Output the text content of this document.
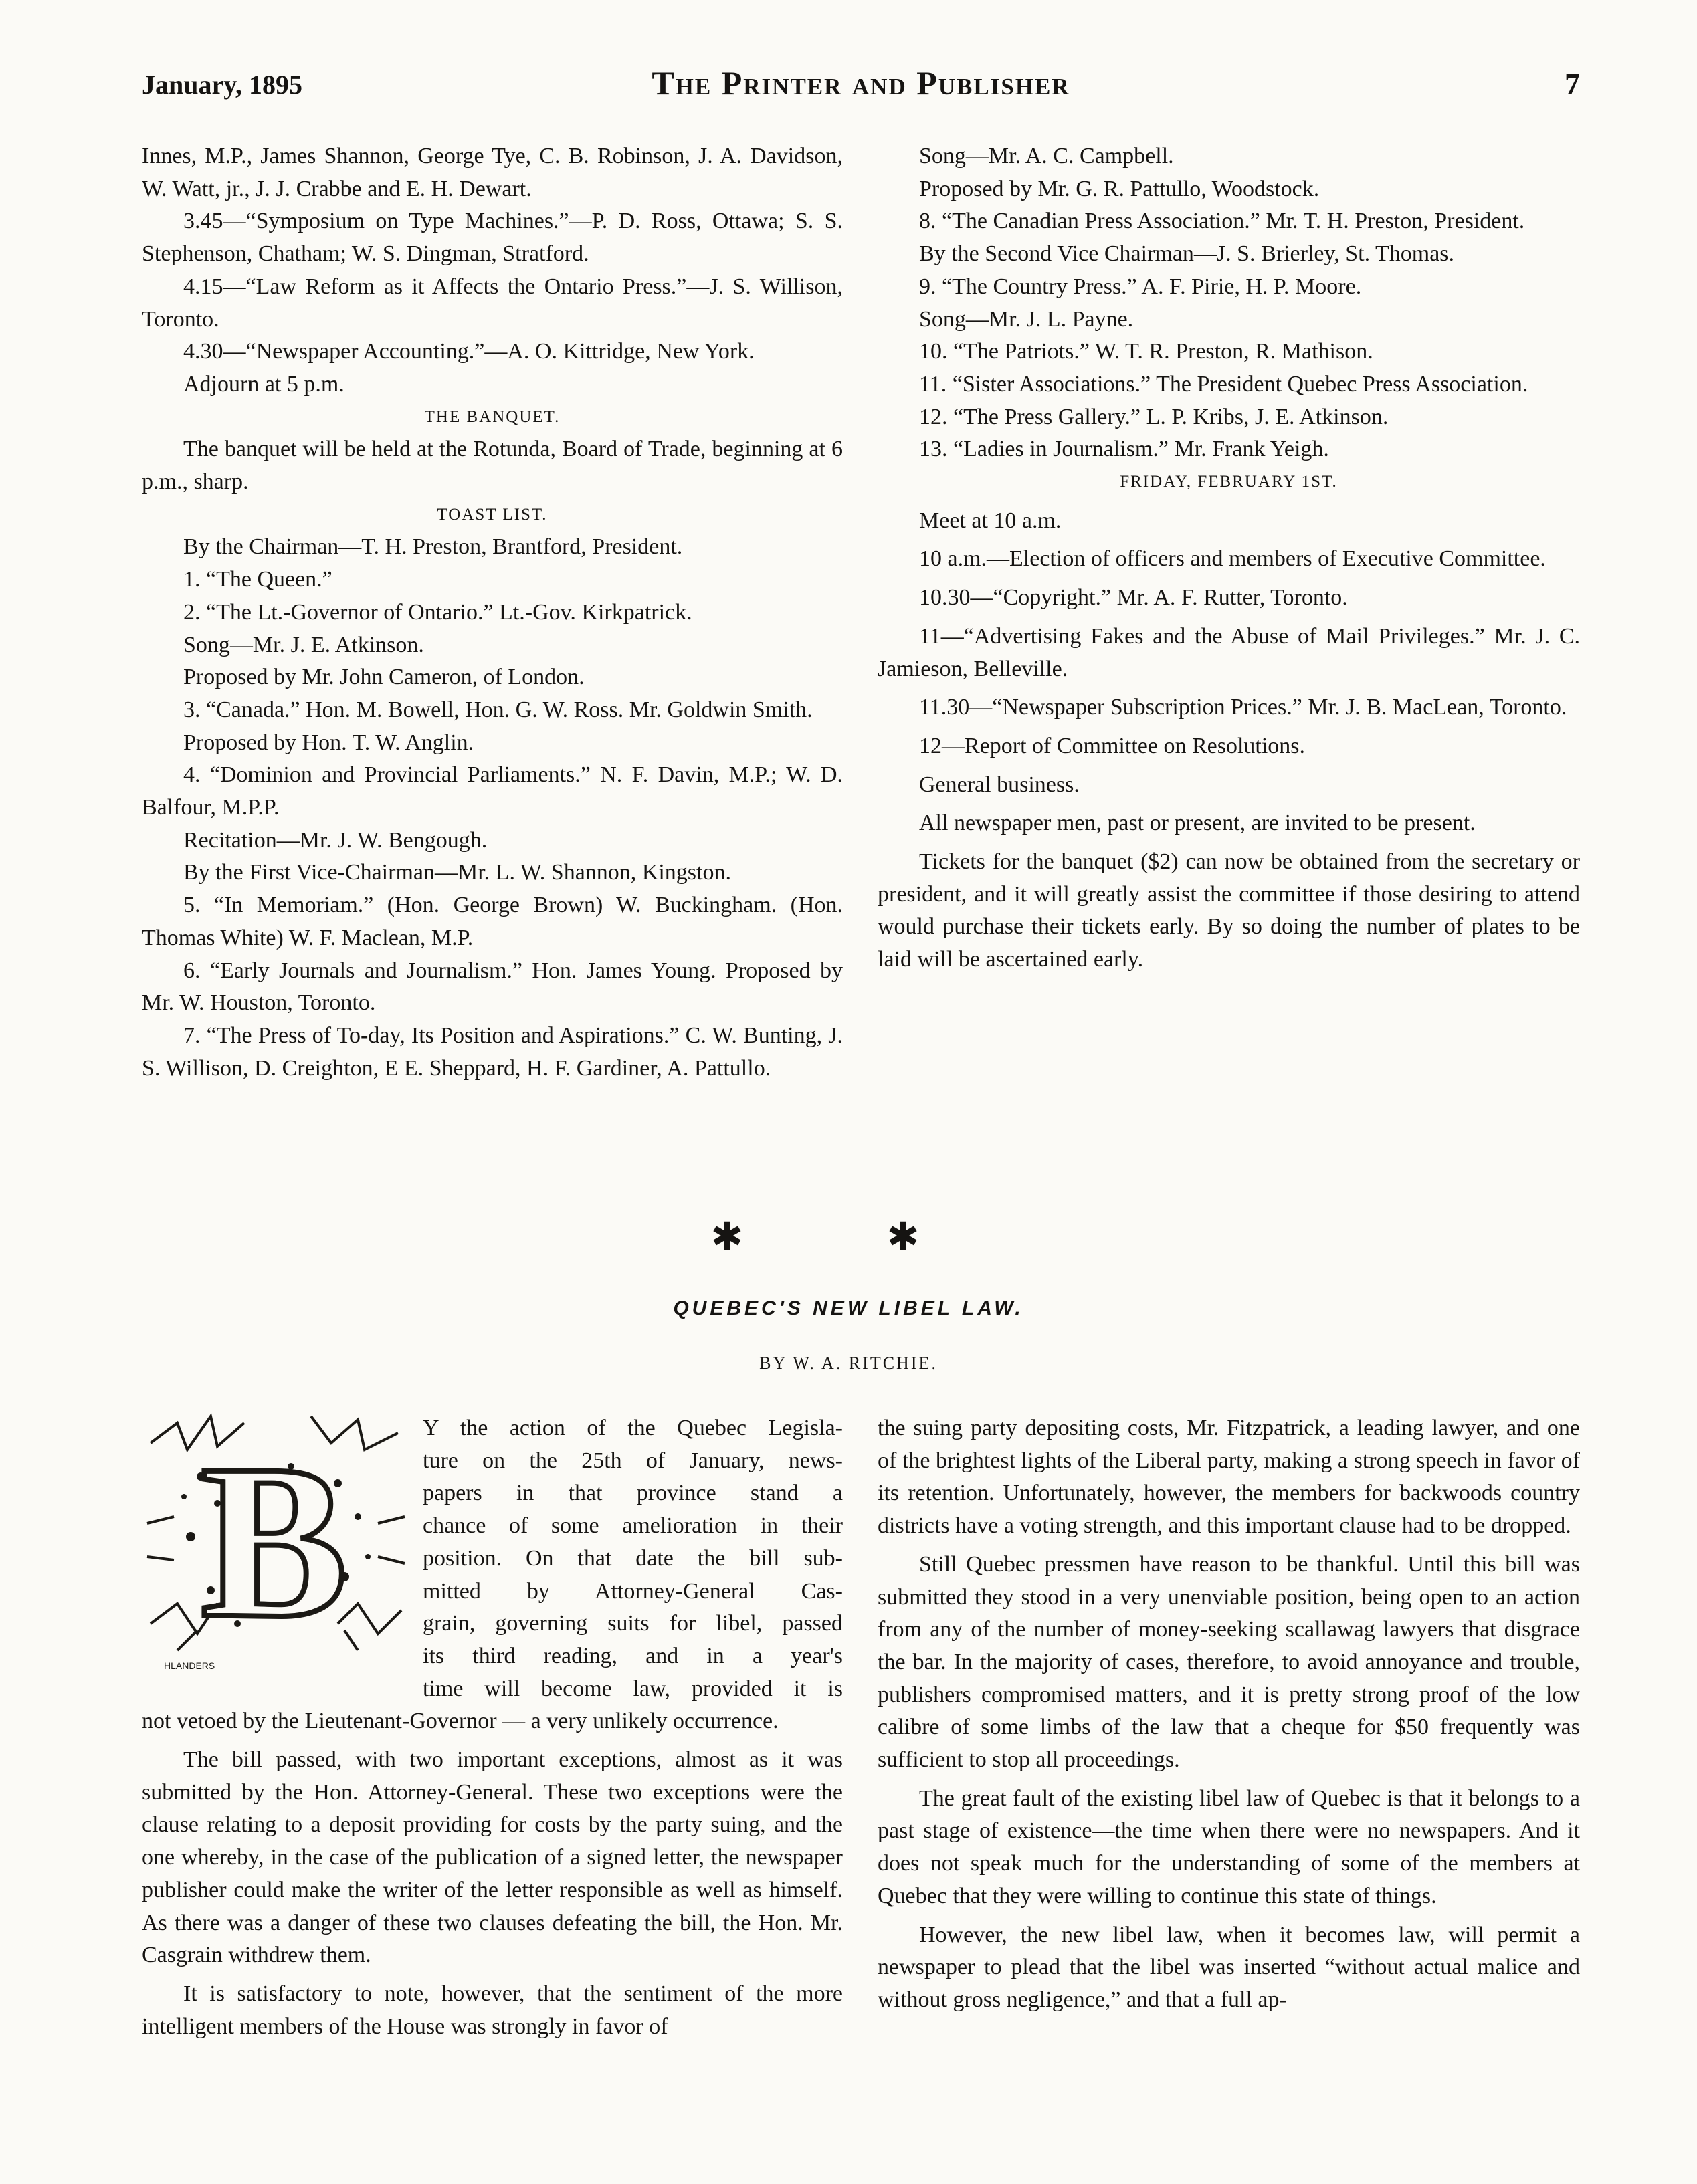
January, 1895	The Printer and Publisher	7

Innes, M.P., James Shannon, George Tye, C. B. Robinson, J. A. Davidson, W. Watt, jr., J. J. Crabbe and E. H. Dewart.

3.45—“Symposium on Type Machines.”—P. D. Ross, Ottawa; S. S. Stephenson, Chatham; W. S. Dingman, Stratford.

4.15—“Law Reform as it Affects the Ontario Press.”—J. S. Willison, Toronto.

4.30—“Newspaper Accounting.”—A. O. Kittridge, New York.

Adjourn at 5 p.m.

THE BANQUET.

The banquet will be held at the Rotunda, Board of Trade, beginning at 6 p.m., sharp.

TOAST LIST.

By the Chairman—T. H. Preston, Brantford, President.

1. “The Queen.”

2. “The Lt.-Governor of Ontario.” Lt.-Gov. Kirkpatrick.

Song—Mr. J. E. Atkinson.

Proposed by Mr. John Cameron, of London.

3. “Canada.” Hon. M. Bowell, Hon. G. W. Ross. Mr. Goldwin Smith.

Proposed by Hon. T. W. Anglin.

4. “Dominion and Provincial Parliaments.” N. F. Davin, M.P.; W. D. Balfour, M.P.P.

Recitation—Mr. J. W. Bengough.

By the First Vice-Chairman—Mr. L. W. Shannon, Kingston.

5. “In Memoriam.” (Hon. George Brown) W. Buckingham. (Hon. Thomas White) W. F. Maclean, M.P.

6. “Early Journals and Journalism.” Hon. James Young. Proposed by Mr. W. Houston, Toronto.

7. “The Press of To-day, Its Position and Aspirations.” C. W. Bunting, J. S. Willison, D. Creighton, E E. Sheppard, H. F. Gardiner, A. Pattullo.

Song—Mr. A. C. Campbell.

Proposed by Mr. G. R. Pattullo, Woodstock.

8. “The Canadian Press Association.” Mr. T. H. Preston, President.

By the Second Vice Chairman—J. S. Brierley, St. Thomas.

9. “The Country Press.” A. F. Pirie, H. P. Moore.

Song—Mr. J. L. Payne.

10. “The Patriots.” W. T. R. Preston, R. Mathison.

11. “Sister Associations.” The President Quebec Press Association.

12. “The Press Gallery.” L. P. Kribs, J. E. Atkinson.

13. “Ladies in Journalism.” Mr. Frank Yeigh.

FRIDAY, FEBRUARY 1ST.

Meet at 10 a.m.

10 a.m.—Election of officers and members of Executive Committee.

10.30—“Copyright.” Mr. A. F. Rutter, Toronto.

11—“Advertising Fakes and the Abuse of Mail Privileges.” Mr. J. C. Jamieson, Belleville.

11.30—“Newspaper Subscription Prices.” Mr. J. B. MacLean, Toronto.

12—Report of Committee on Resolutions.

General business.

All newspaper men, past or present, are invited to be present.

Tickets for the banquet ($2) can now be obtained from the secretary or president, and it will greatly assist the committee if those desiring to attend would purchase their tickets early. By so doing the number of plates to be laid will be ascertained early.

✱ ✱
QUEBEC'S NEW LIBEL LAW.
BY W. A. RITCHIE.
B
HLANDERS

Y the action of the Quebec Legisla-

ture on the 25th of January, news-

papers in that province stand a

chance of some amelioration in their

position. On that date the bill sub-

mitted by Attorney-General Cas-

grain, governing suits for libel, passed

its third reading, and in a year's

time will become law, provided it is

not vetoed by the Lieutenant-Governor — a very unlikely occurrence.

The bill passed, with two important exceptions, almost as it was submitted by the Hon. Attorney-General. These two exceptions were the clause relating to a deposit providing for costs by the party suing, and the one whereby, in the case of the publication of a signed letter, the newspaper publisher could make the writer of the letter responsible as well as himself. As there was a danger of these two clauses defeating the bill, the Hon. Mr. Casgrain withdrew them.

It is satisfactory to note, however, that the sentiment of the more intelligent members of the House was strongly in favor of

the suing party depositing costs, Mr. Fitzpatrick, a leading lawyer, and one of the brightest lights of the Liberal party, making a strong speech in favor of its retention. Unfortunately, however, the members for backwoods country districts have a voting strength, and this important clause had to be dropped.

Still Quebec pressmen have reason to be thankful. Until this bill was submitted they stood in a very unenviable position, being open to an action from any of the number of money-seeking scallawag lawyers that disgrace the bar. In the majority of cases, therefore, to avoid annoyance and trouble, publishers compromised matters, and it is pretty strong proof of the low calibre of some limbs of the law that a cheque for $50 frequently was sufficient to stop all proceedings.

The great fault of the existing libel law of Quebec is that it belongs to a past stage of existence—the time when there were no newspapers. And it does not speak much for the understanding of some of the members at Quebec that they were willing to continue this state of things.

However, the new libel law, when it becomes law, will permit a newspaper to plead that the libel was inserted “without actual malice and without gross negligence,” and that a full ap-
